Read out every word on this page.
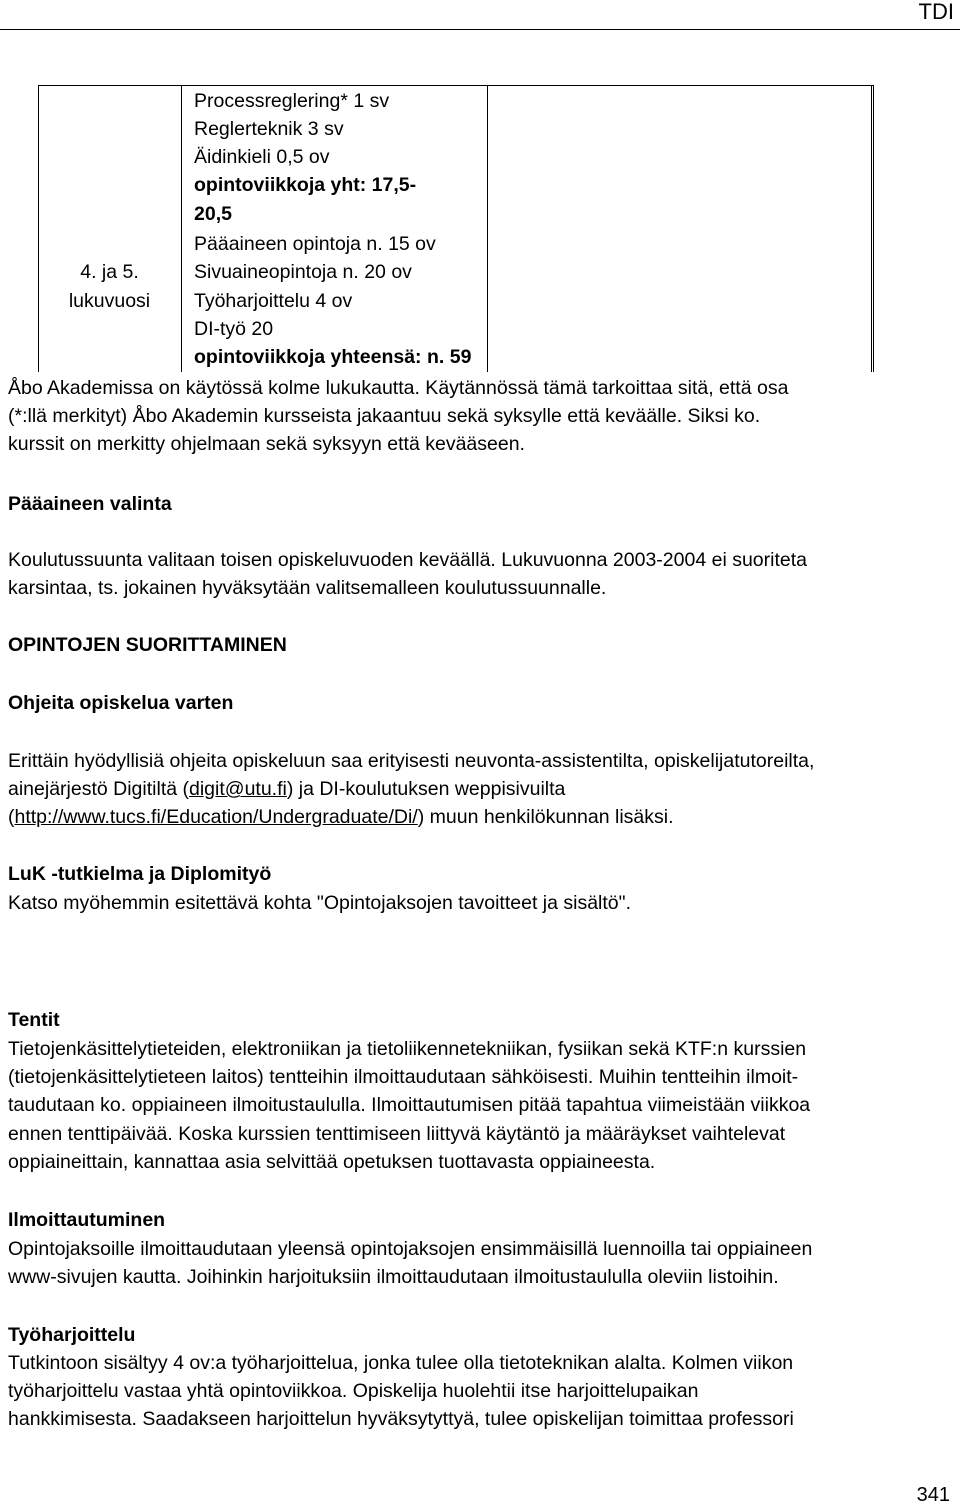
TDI
4. ja 5.
lukuvuosi
Processreglering* 1 sv
Reglerteknik 3 sv
Äidinkieli 0,5 ov
opintoviikkoja yht: 17,5-
20,5
Pääaineen opintoja n. 15 ov
Sivuaineopintoja n. 20 ov
Työharjoittelu 4 ov
DI-työ 20
opintoviikkoja yhteensä: n. 59
Åbo Akademissa on käytössä kolme lukukautta. Käytännössä tämä tarkoittaa sitä, että osa
(*:llä merkityt) Åbo Akademin kursseista jakaantuu sekä syksylle että keväälle. Siksi ko.
kurssit on merkitty ohjelmaan sekä syksyyn että kevääseen.
Pääaineen valinta
Koulutussuunta valitaan toisen opiskeluvuoden keväällä. Lukuvuonna 2003-2004 ei suoriteta
karsintaa, ts. jokainen hyväksytään valitsemalleen koulutussuunnalle.
OPINTOJEN SUORITTAMINEN
Ohjeita opiskelua varten
Erittäin hyödyllisiä ohjeita opiskeluun saa erityisesti neuvonta-assistentilta, opiskelijatutoreilta,
ainejärjestö Digitiltä (digit@utu.fi) ja DI-koulutuksen weppisivuilta
(http://www.tucs.fi/Education/Undergraduate/Di/) muun henkilökunnan lisäksi.
LuK -tutkielma ja Diplomityö
Katso myöhemmin esitettävä kohta "Opintojaksojen tavoitteet ja sisältö".
Tentit
Tietojenkäsittelytieteiden, elektroniikan ja tietoliikennetekniikan, fysiikan sekä KTF:n kurssien
(tietojenkäsittelytieteen laitos) tentteihin ilmoittaudutaan sähköisesti. Muihin tentteihin ilmoit-
taudutaan ko. oppiaineen ilmoitustaululla. Ilmoittautumisen pitää tapahtua viimeistään viikkoa
ennen tenttipäivää. Koska kurssien tenttimiseen liittyvä käytäntö ja määräykset vaihtelevat
oppiaineittain, kannattaa asia selvittää opetuksen tuottavasta oppiaineesta.
Ilmoittautuminen
Opintojaksoille ilmoittaudutaan yleensä opintojaksojen ensimmäisillä luennoilla tai oppiaineen
www-sivujen kautta. Joihinkin harjoituksiin ilmoittaudutaan ilmoitustaululla oleviin listoihin.
Työharjoittelu
Tutkintoon sisältyy 4 ov:a työharjoittelua, jonka tulee olla tietoteknikan alalta. Kolmen viikon
työharjoittelu vastaa yhtä opintoviikkoa. Opiskelija huolehtii itse harjoittelupaikan
hankkimisesta. Saadakseen harjoittelun hyväksytyttyä, tulee opiskelijan toimittaa professori
341
